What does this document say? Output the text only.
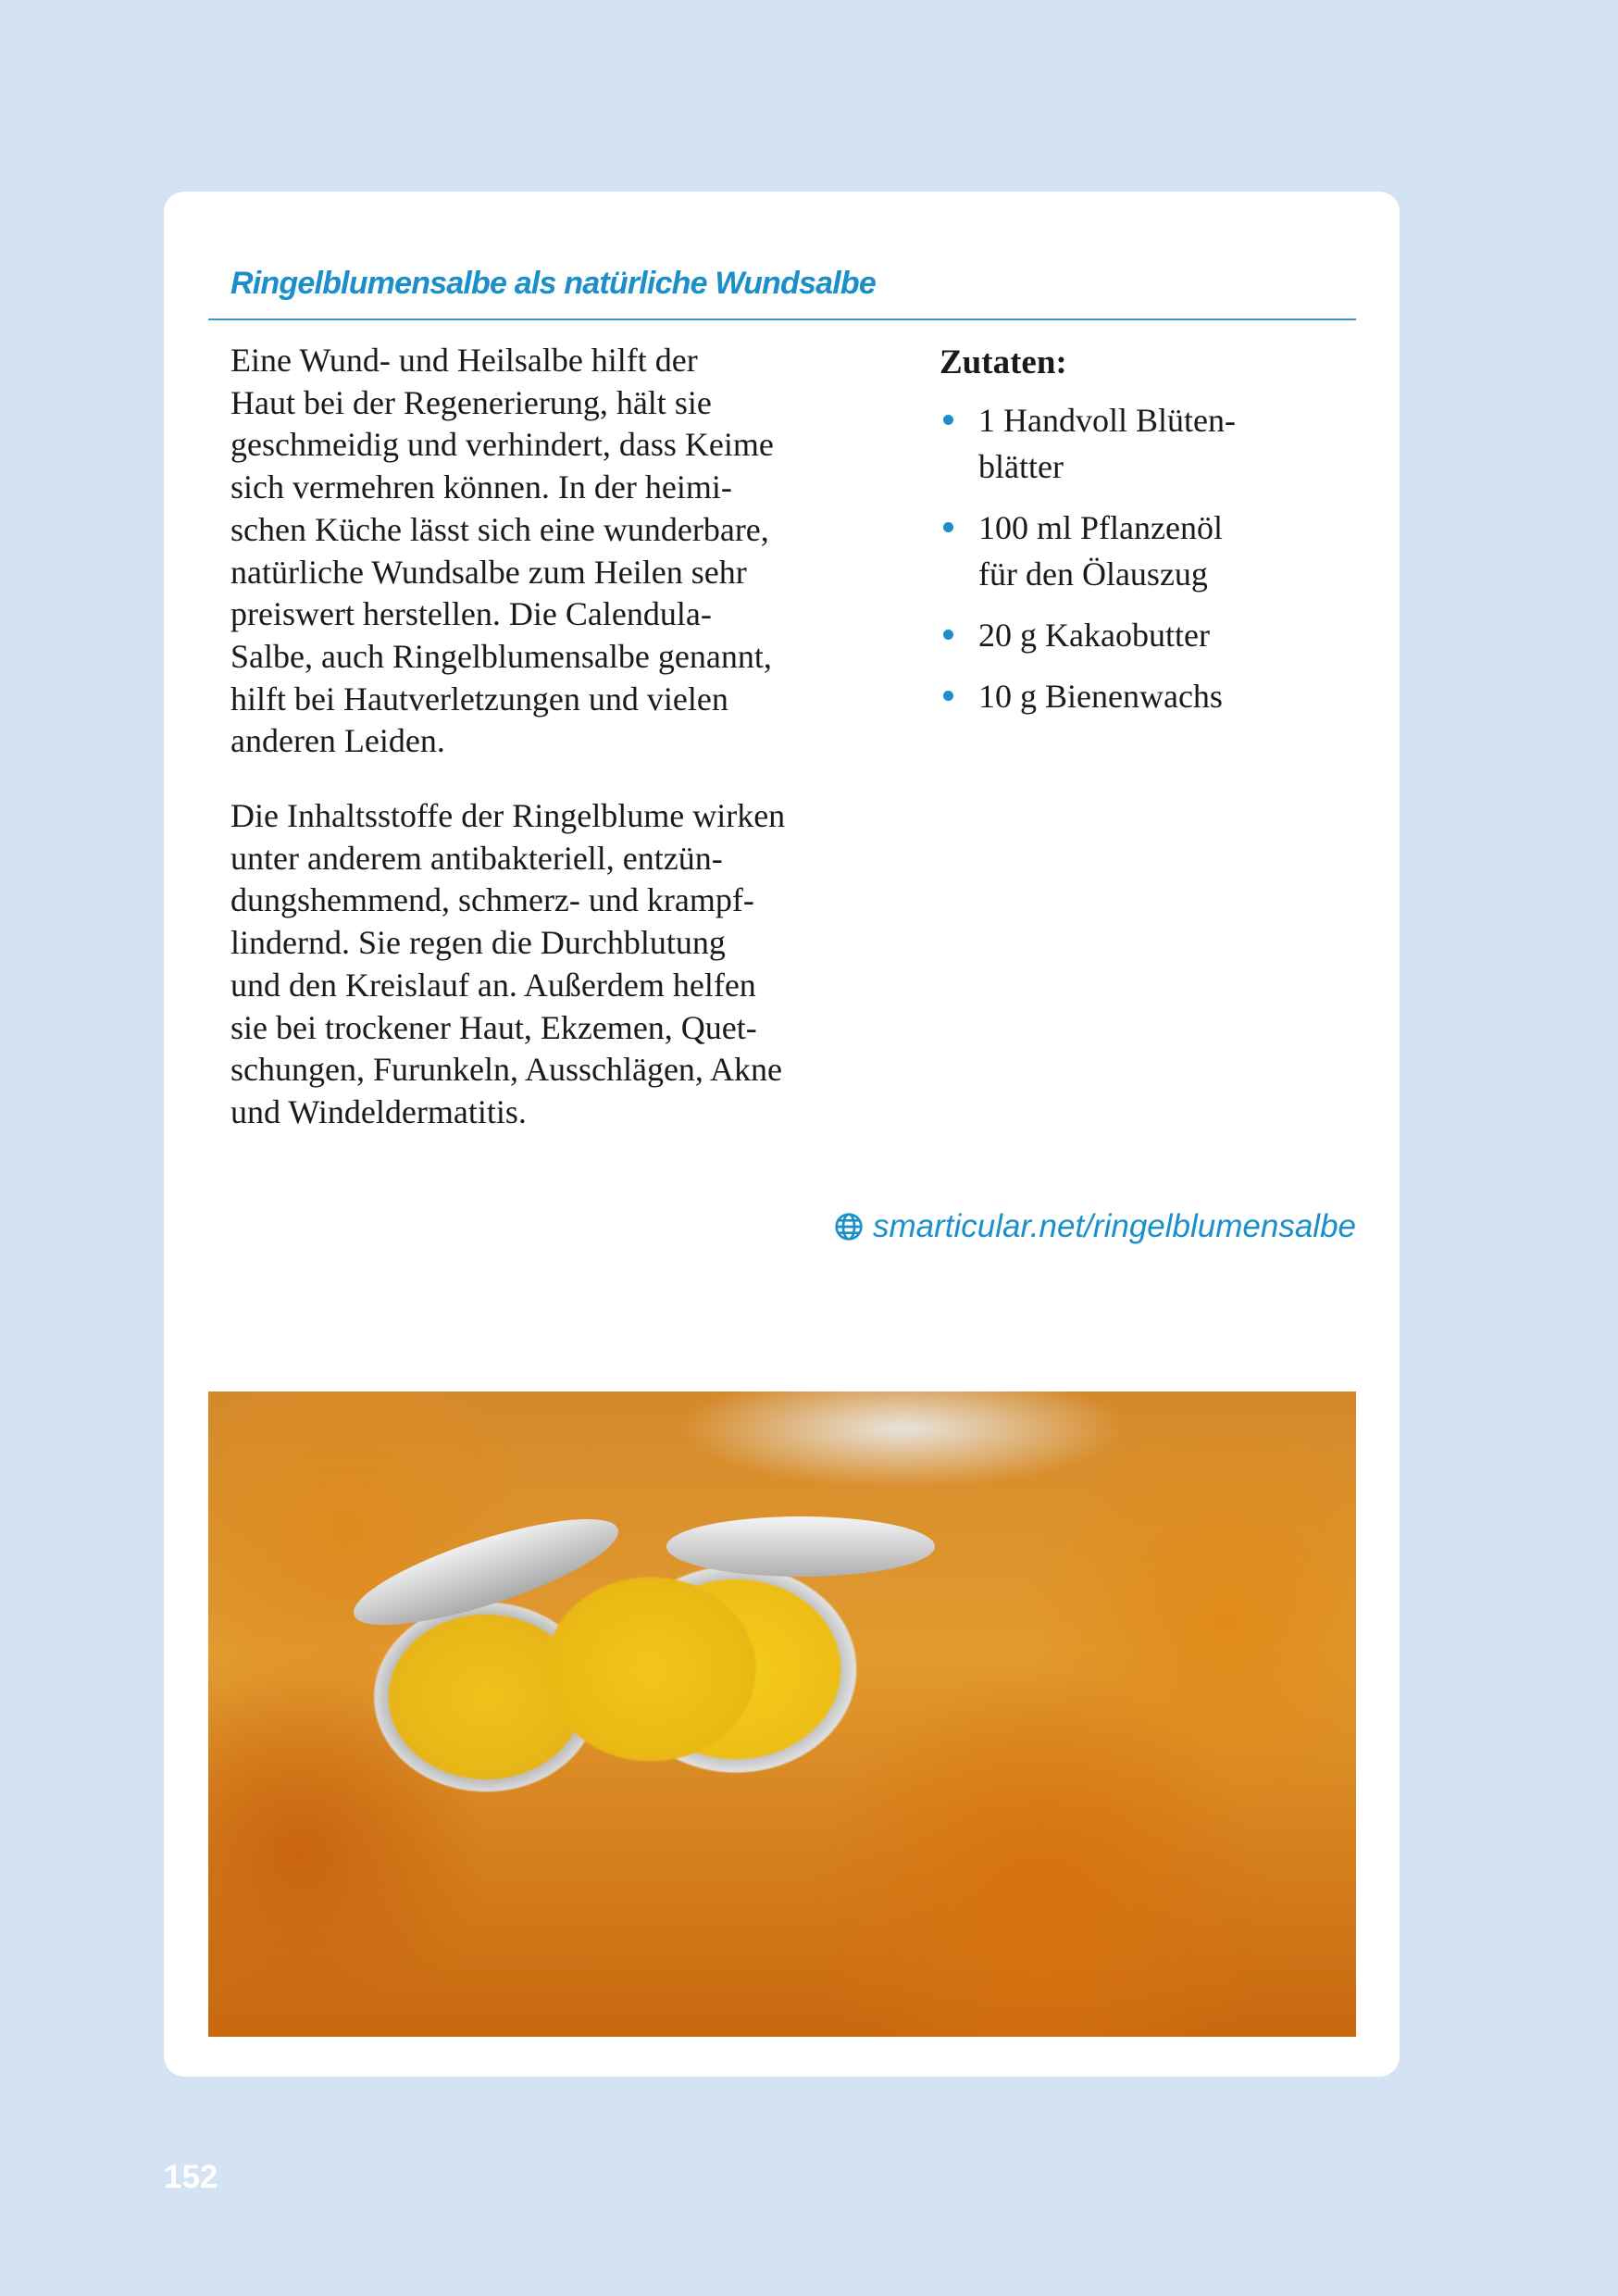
Ringelblumensalbe als natürliche Wundsalbe

Eine Wund- und Heilsalbe hilft der
Haut bei der Regenerierung, hält sie
geschmeidig und verhindert, dass Keime
sich vermehren können. In der heimi-
schen Küche lässt sich eine wunderbare,
natürliche Wundsalbe zum Heilen sehr
preiswert herstellen. Die Calendula-
Salbe, auch Ringelblumensalbe genannt,
hilft bei Hautverletzungen und vielen
anderen Leiden.

Die Inhaltsstoffe der Ringelblume wirken
unter anderem antibakteriell, entzün-
dungshemmend, schmerz- und krampf-
lindernd. Sie regen die Durchblutung
und den Kreislauf an. Außerdem helfen
sie bei trockener Haut, Ekzemen, Quet-
schungen, Furunkeln, Ausschlägen, Akne
und Windeldermatitis.

Zutaten:
1 Handvoll Blüten-
blätter
100 ml Pflanzenöl
für den Ölauszug
20 g Kakaobutter
10 g Bienenwachs
smarticular.net/ringelblumensalbe
152
